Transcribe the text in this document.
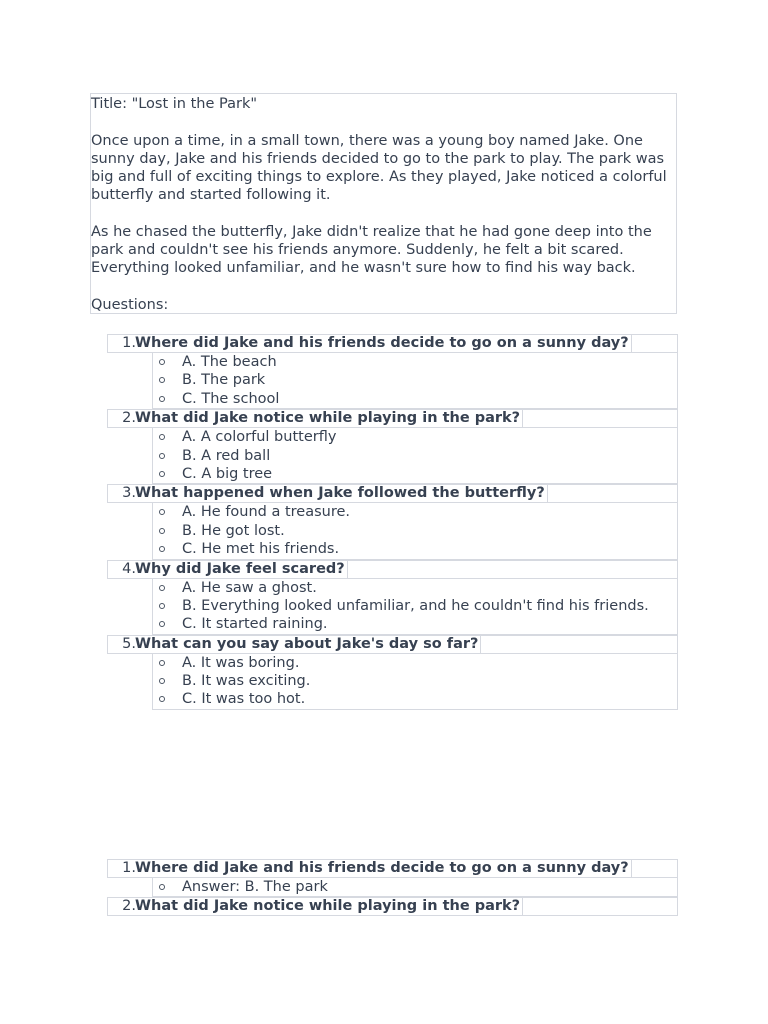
Title: "Lost in the Park"

Once upon a time, in a small town, there was a young boy named Jake. One sunny day, Jake and his friends decided to go to the park to play. The park was big and full of exciting things to explore. As they played, Jake noticed a colorful butterfly and started following it.

As he chased the butterfly, Jake didn't realize that he had gone deep into the park and couldn't see his friends anymore. Suddenly, he felt a bit scared. Everything looked unfamiliar, and he wasn't sure how to find his way back.

Questions:

1. Where did Jake and his friends decide to go on a sunny day?
A. The beach
B. The park
C. The school
2. What did Jake notice while playing in the park?
A. A colorful butterfly
B. A red ball
C. A big tree
3. What happened when Jake followed the butterfly?
A. He found a treasure.
B. He got lost.
C. He met his friends.
4. Why did Jake feel scared?
A. He saw a ghost.
B. Everything looked unfamiliar, and he couldn't find his friends.
C. It started raining.
5. What can you say about Jake's day so far?
A. It was boring.
B. It was exciting.
C. It was too hot.
1. Where did Jake and his friends decide to go on a sunny day?
Answer: B. The park
2. What did Jake notice while playing in the park?
